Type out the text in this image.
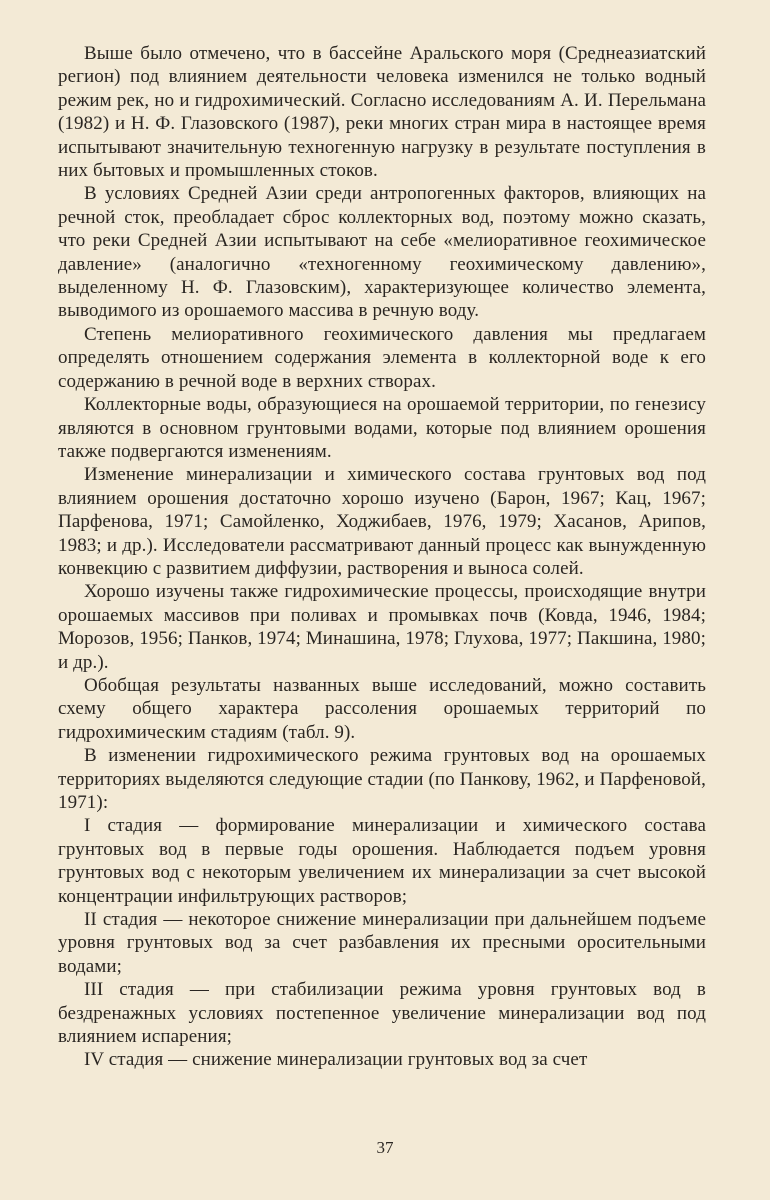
Выше было отмечено, что в бассейне Аральского моря (Среднеазиатский регион) под влиянием деятельности человека изменился не только водный режим рек, но и гидрохимический. Согласно исследованиям А. И. Перельмана (1982) и Н. Ф. Глазовского (1987), реки многих стран мира в настоящее время испытывают значительную техногенную нагрузку в результате поступления в них бытовых и промышленных стоков.

В условиях Средней Азии среди антропогенных факторов, влияющих на речной сток, преобладает сброс коллекторных вод, поэтому можно сказать, что реки Средней Азии испытывают на себе «мелиоративное геохимическое давление» (аналогично «техногенному геохимическому давлению», выделенному Н. Ф. Глазовским), характеризующее количество элемента, выводимого из орошаемого массива в речную воду.

Степень мелиоративного геохимического давления мы предлагаем определять отношением содержания элемента в коллекторной воде к его содержанию в речной воде в верхних створах.

Коллекторные воды, образующиеся на орошаемой территории, по генезису являются в основном грунтовыми водами, которые под влиянием орошения также подвергаются изменениям.

Изменение минерализации и химического состава грунтовых вод под влиянием орошения достаточно хорошо изучено (Барон, 1967; Кац, 1967; Парфенова, 1971; Самойленко, Ходжибаев, 1976, 1979; Хасанов, Арипов, 1983; и др.). Исследователи рассматривают данный процесс как вынужденную конвекцию с развитием диффузии, растворения и выноса солей.

Хорошо изучены также гидрохимические процессы, происходящие внутри орошаемых массивов при поливах и промывках почв (Ковда, 1946, 1984; Морозов, 1956; Панков, 1974; Минашина, 1978; Глухова, 1977; Пакшина, 1980; и др.).

Обобщая результаты названных выше исследований, можно составить схему общего характера рассоления орошаемых территорий по гидрохимическим стадиям (табл. 9).

В изменении гидрохимического режима грунтовых вод на орошаемых территориях выделяются следующие стадии (по Панкову, 1962, и Парфеновой, 1971):

I стадия — формирование минерализации и химического состава грунтовых вод в первые годы орошения. Наблюдается подъем уровня грунтовых вод с некоторым увеличением их минерализации за счет высокой концентрации инфильтрующих растворов;

II стадия — некоторое снижение минерализации при дальнейшем подъеме уровня грунтовых вод за счет разбавления их пресными оросительными водами;

III стадия — при стабилизации режима уровня грунтовых вод в бездренажных условиях постепенное увеличение минерализации вод под влиянием испарения;

IV стадия — снижение минерализации грунтовых вод за счет

37
